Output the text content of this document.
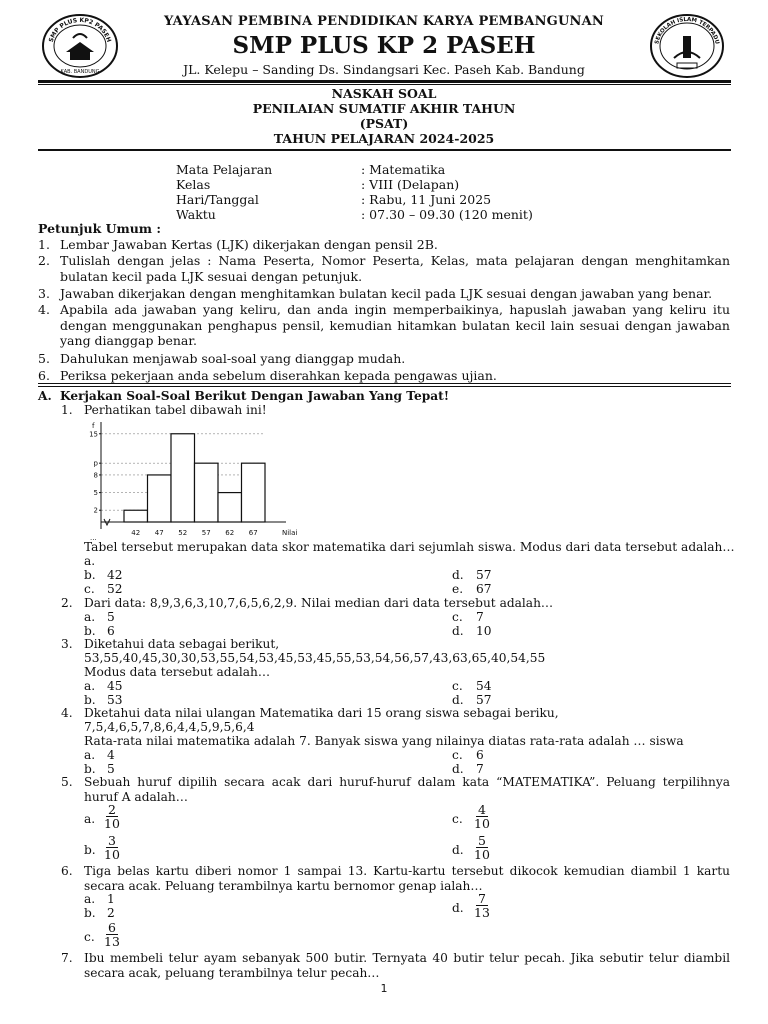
SMP PLUS KP2 PASEH
KAB. BANDUNG
YAYASAN PEMBINA PENDIDIKAN KARYA PEMBANGUNAN
SMP PLUS KP 2 PASEH
JL. Kelepu – Sanding Ds. Sindangsari Kec. Paseh Kab. Bandung
SEKOLAH ISLAM TERPADU
NASKAH SOAL
PENILAIAN SUMATIF AKHIR TAHUN
(PSAT)
TAHUN PELAJARAN 2024-2025
Mata Pelajaran	: Matematika
Kelas	: VIII (Delapan)
Hari/Tanggal	: Rabu, 11 Juni 2025
Waktu	: 07.30 – 09.30 (120 menit)
Petunjuk Umum :
1. Lembar Jawaban Kertas (LJK) dikerjakan dengan pensil 2B.
2. Tulislah dengan jelas : Nama Peserta, Nomor Peserta, Kelas, mata pelajaran dengan menghitamkan bulatan kecil pada LJK sesuai dengan petunjuk.
3. Jawaban dikerjakan dengan menghitamkan bulatan kecil pada LJK sesuai dengan jawaban yang benar.
4. Apabila ada jawaban yang keliru, dan anda ingin memperbaikinya, hapuslah jawaban yang keliru itu dengan menggunakan penghapus pensil, kemudian hitamkan bulatan kecil lain sesuai dengan jawaban yang dianggap benar.
5. Dahulukan menjawab soal-soal yang dianggap mudah.
6. Periksa pekerjaan anda sebelum diserahkan kepada pengawas ujian.
A. Kerjakan Soal-Soal Berikut Dengan Jawaban Yang Tepat!
1. Perhatikan tabel dibawah ini!
2
5
8
p
15
42 47 52 57 62 67
f
Nilai
...
Tabel tersebut merupakan data skor matematika dari sejumlah siswa. Modus dari data tersebut adalah…
a.
b. 42
c. 52
d. 57
e. 67
2. Dari data: 8,9,3,6,3,10,7,6,5,6,2,9. Nilai median dari data tersebut adalah…
a. 5
b. 6
c. 7
d. 10
3. Diketahui data sebagai berikut,
53,55,40,45,30,30,53,55,54,53,45,53,45,55,53,54,56,57,43,63,65,40,54,55
Modus data tersebut adalah…
a. 45
b. 53
c. 54
d. 57
4. Dketahui data nilai ulangan Matematika dari 15 orang siswa sebagai beriku,
7,5,4,6,5,7,8,6,4,4,5,9,5,6,4
Rata-rata nilai matematika adalah 7. Banyak siswa yang nilainya diatas rata-rata adalah … siswa
a. 4
b. 5
c. 6
d. 7
5. Sebuah huruf dipilih secara acak dari huruf-huruf dalam kata “MATEMATIKA”. Peluang terpilihnya huruf A adalah…
a. $\frac{2}{10}$
b. $\frac{3}{10}$
c. $\frac{4}{10}$
d. $\frac{5}{10}$
6. Tiga belas kartu diberi nomor 1 sampai 13. Kartu-kartu tersebut dikocok kemudian diambil 1 kartu secara acak. Peluang terambilnya kartu bernomor genap ialah…
a. 1
b. 2
c. $\frac{6}{13}$
d. $\frac{7}{13}$
7. Ibu membeli telur ayam sebanyak 500 butir. Ternyata 40 butir telur pecah. Jika sebutir telur diambil secara acak, peluang terambilnya telur pecah…
1
